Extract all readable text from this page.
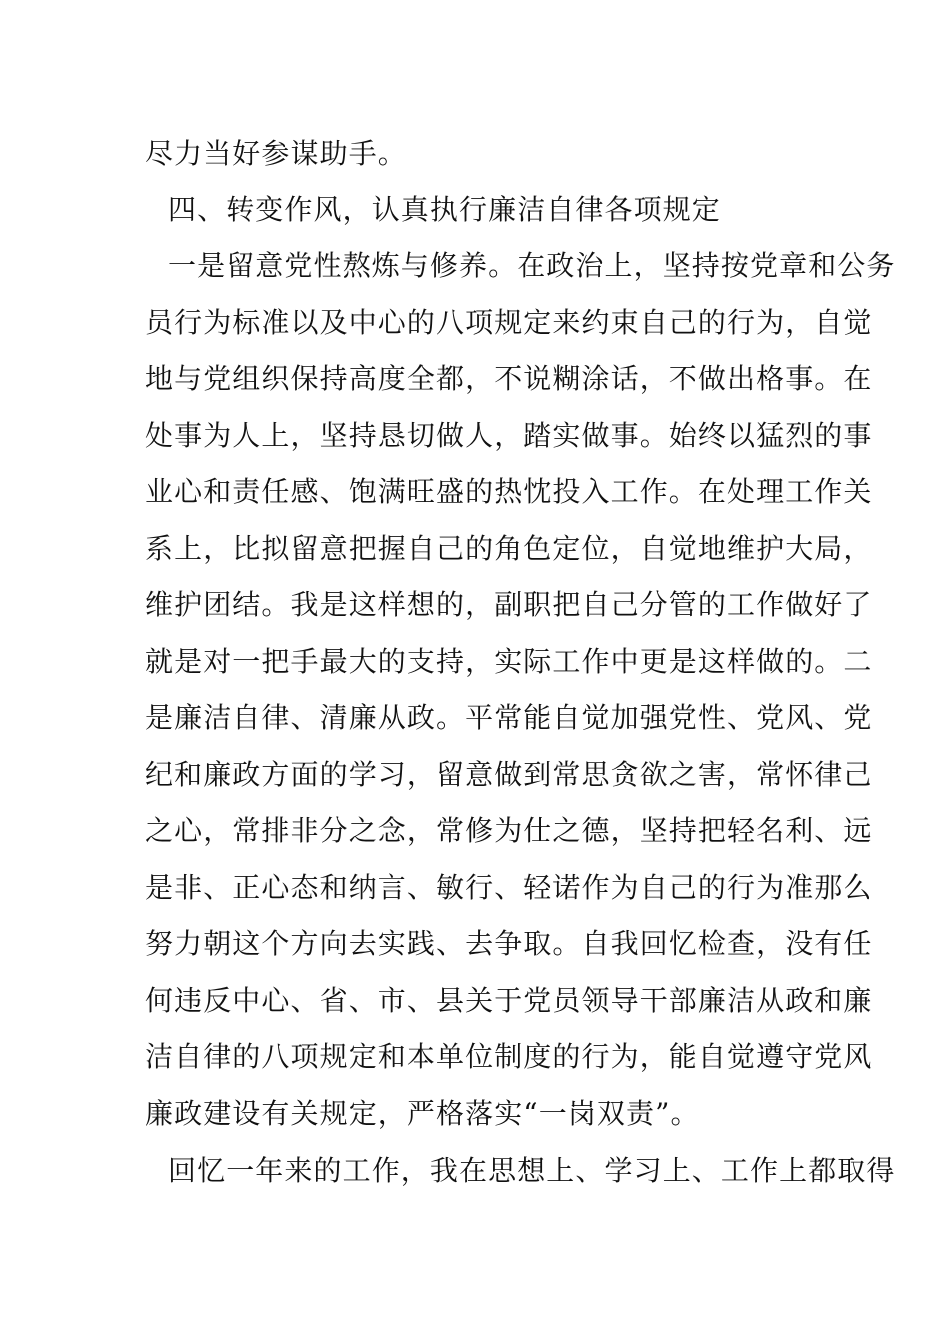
尽力当好参谋助手。
四、转变作风，认真执行廉洁自律各项规定
一是留意党性熬炼与修养。在政治上，坚持按党章和公务
员行为标准以及中心的八项规定来约束自己的行为，自觉
地与党组织保持高度全都，不说糊涂话，不做出格事。在
处事为人上，坚持恳切做人，踏实做事。始终以猛烈的事
业心和责任感、饱满旺盛的热忱投入工作。在处理工作关
系上，比拟留意把握自己的角色定位，自觉地维护大局，
维护团结。我是这样想的，副职把自己分管的工作做好了
就是对一把手最大的支持，实际工作中更是这样做的。二
是廉洁自律、清廉从政。平常能自觉加强党性、党风、党
纪和廉政方面的学习，留意做到常思贪欲之害，常怀律己
之心，常排非分之念，常修为仕之德，坚持把轻名利、远
是非、正心态和纳言、敏行、轻诺作为自己的行为准那么
努力朝这个方向去实践、去争取。自我回忆检查，没有任
何违反中心、省、市、县关于党员领导干部廉洁从政和廉
洁自律的八项规定和本单位制度的行为，能自觉遵守党风
廉政建设有关规定，严格落实“一岗双责”。
回忆一年来的工作，我在思想上、学习上、工作上都取得
